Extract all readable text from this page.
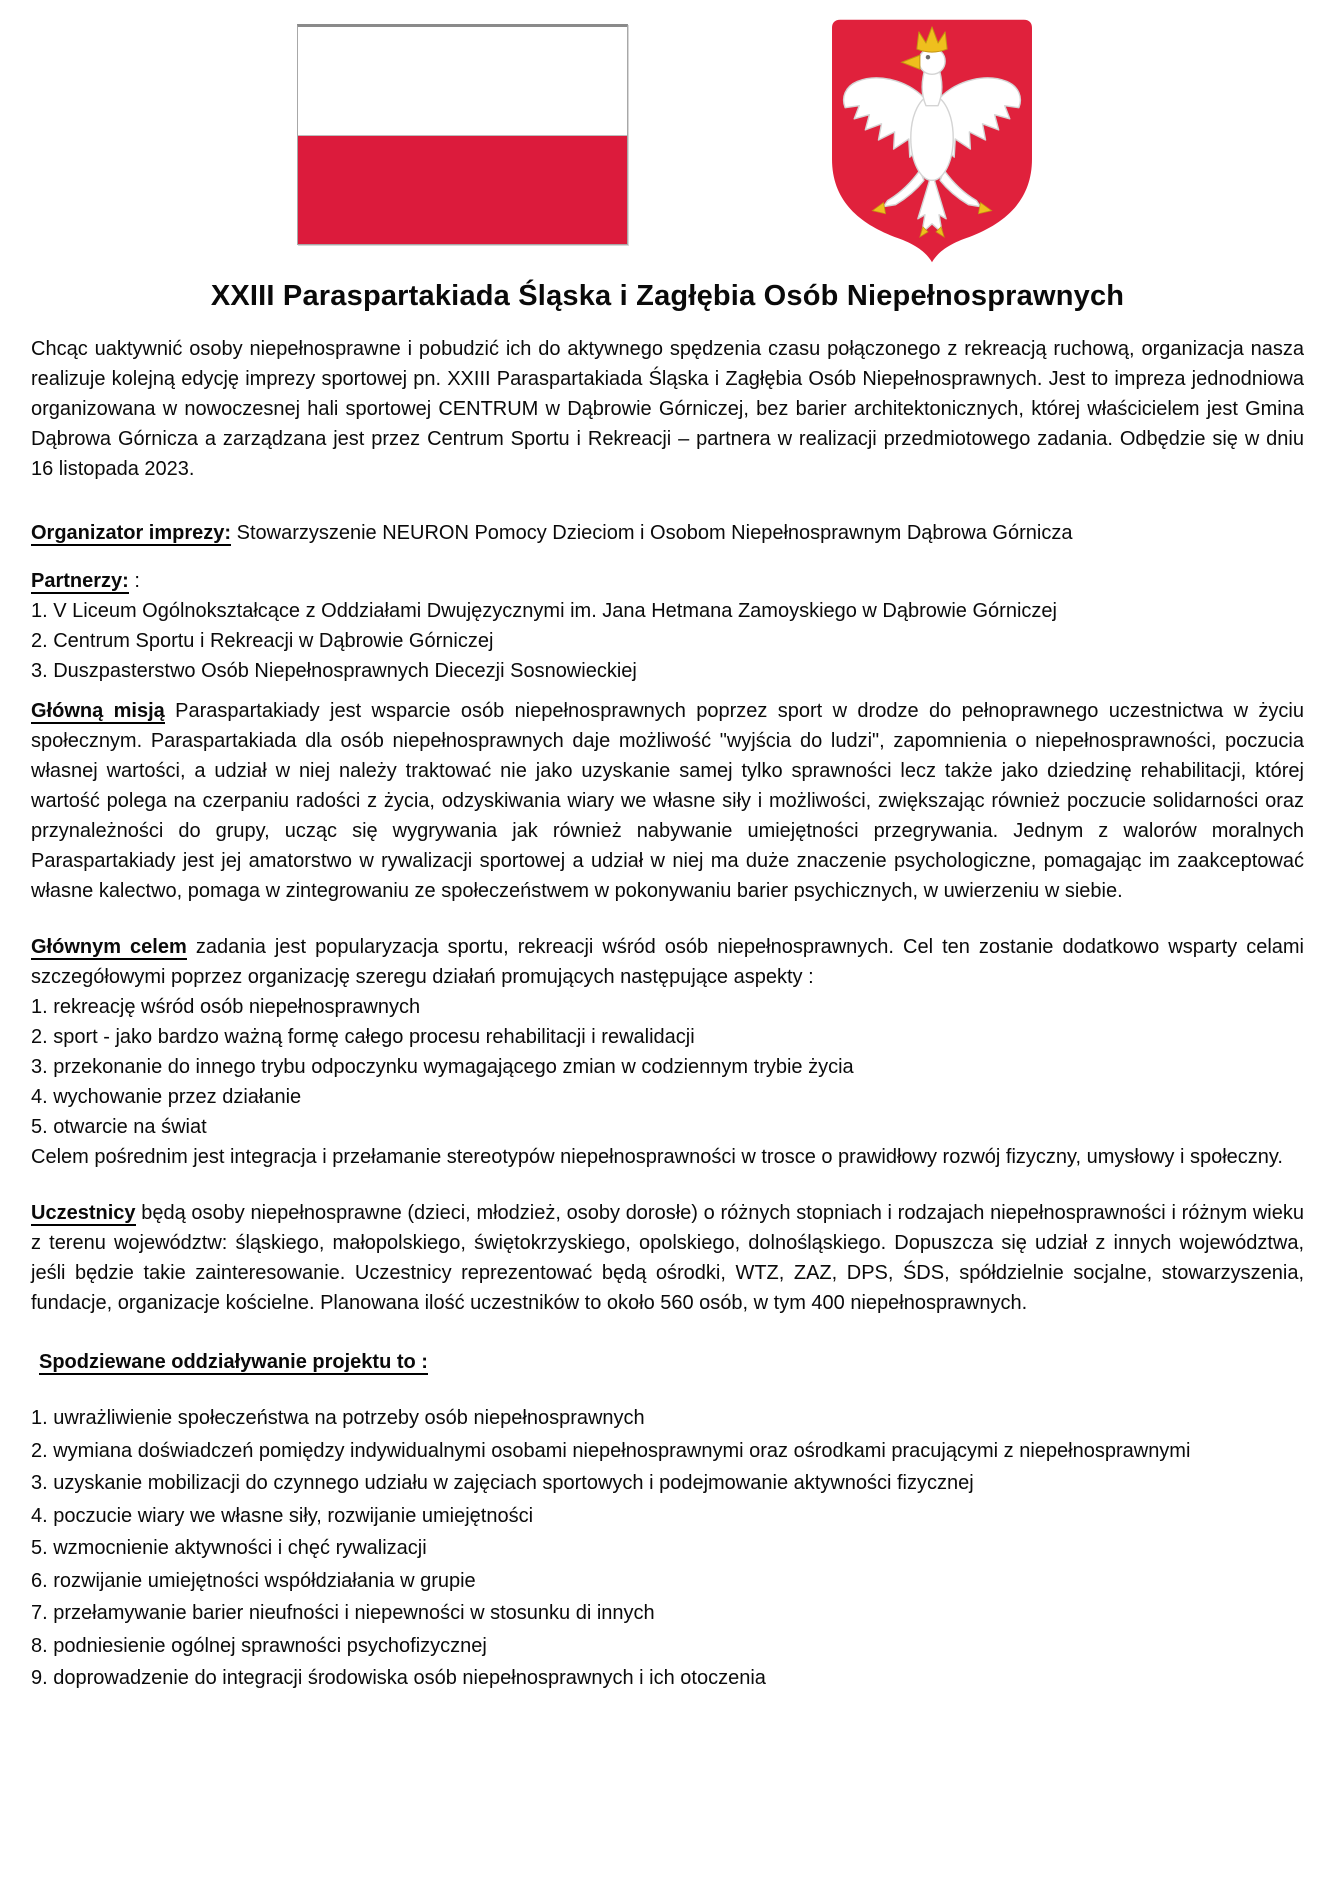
XXIII Paraspartakiada Śląska i Zagłębia Osób Niepełnosprawnych

Chcąc uaktywnić osoby niepełnosprawne i pobudzić ich do aktywnego spędzenia czasu połączonego z rekreacją ruchową, organizacja nasza realizuje kolejną edycję imprezy sportowej pn. XXIII Paraspartakiada Śląska i Zagłębia Osób Niepełnosprawnych. Jest to impreza jednodniowa organizowana w nowoczesnej hali sportowej CENTRUM w Dąbrowie Górniczej, bez barier architektonicznych, której właścicielem jest Gmina Dąbrowa Górnicza a zarządzana jest przez Centrum Sportu i Rekreacji – partnera w realizacji przedmiotowego zadania. Odbędzie się w dniu 16 listopada 2023.

Organizator imprezy: Stowarzyszenie NEURON Pomocy Dzieciom i Osobom Niepełnosprawnym Dąbrowa Górnicza

Partnerzy: :

1. V Liceum Ogólnokształcące z Oddziałami Dwujęzycznymi im. Jana Hetmana Zamoyskiego w Dąbrowie Górniczej
2. Centrum Sportu i Rekreacji w Dąbrowie Górniczej
3. Duszpasterstwo Osób Niepełnosprawnych Diecezji Sosnowieckiej

Główną misją Paraspartakiady jest wsparcie osób niepełnosprawnych poprzez sport w drodze do pełnoprawnego uczestnictwa w życiu społecznym. Paraspartakiada dla osób niepełnosprawnych daje możliwość "wyjścia do ludzi", zapomnienia o niepełnosprawności, poczucia własnej wartości, a udział w niej należy traktować nie jako uzyskanie samej tylko sprawności lecz także jako dziedzinę rehabilitacji, której wartość polega na czerpaniu radości z życia, odzyskiwania wiary we własne siły i możliwości, zwiększając również poczucie solidarności oraz przynależności do grupy, ucząc się wygrywania jak również nabywanie umiejętności przegrywania. Jednym z walorów moralnych Paraspartakiady jest jej amatorstwo w rywalizacji sportowej a udział w niej ma duże znaczenie psychologiczne, pomagając im zaakceptować własne kalectwo, pomaga w zintegrowaniu ze społeczeństwem w pokonywaniu barier psychicznych, w uwierzeniu w siebie.

Głównym celem zadania jest popularyzacja sportu, rekreacji wśród osób niepełnosprawnych. Cel ten zostanie dodatkowo wsparty celami szczegółowymi poprzez organizację szeregu działań promujących następujące aspekty :

1. rekreację wśród osób niepełnosprawnych
2. sport - jako bardzo ważną formę całego procesu rehabilitacji i rewalidacji
3. przekonanie do innego trybu odpoczynku wymagającego zmian w codziennym trybie życia
4. wychowanie przez działanie
5. otwarcie na świat

Celem pośrednim jest integracja i przełamanie stereotypów niepełnosprawności w trosce o prawidłowy rozwój fizyczny, umysłowy i społeczny.

Uczestnicy będą osoby niepełnosprawne (dzieci, młodzież, osoby dorosłe) o różnych stopniach i rodzajach niepełnosprawności i różnym wieku z terenu województw: śląskiego, małopolskiego, świętokrzyskiego, opolskiego, dolnośląskiego. Dopuszcza się udział z innych województwa, jeśli będzie takie zainteresowanie. Uczestnicy reprezentować będą ośrodki, WTZ, ZAZ, DPS, ŚDS, spółdzielnie socjalne, stowarzyszenia, fundacje, organizacje kościelne. Planowana ilość uczestników to około 560 osób, w tym 400 niepełnosprawnych.

Spodziewane oddziaływanie projektu to :
1. uwrażliwienie społeczeństwa na potrzeby osób niepełnosprawnych
2. wymiana doświadczeń pomiędzy indywidualnymi osobami niepełnosprawnymi oraz ośrodkami pracującymi z niepełnosprawnymi
3. uzyskanie mobilizacji do czynnego udziału w zajęciach sportowych i podejmowanie aktywności fizycznej
4. poczucie wiary we własne siły, rozwijanie umiejętności
5. wzmocnienie aktywności i chęć rywalizacji
6. rozwijanie umiejętności współdziałania w grupie
7. przełamywanie barier nieufności i niepewności w stosunku di innych
8. podniesienie ogólnej sprawności psychofizycznej
9. doprowadzenie do integracji środowiska osób niepełnosprawnych i ich otoczenia
